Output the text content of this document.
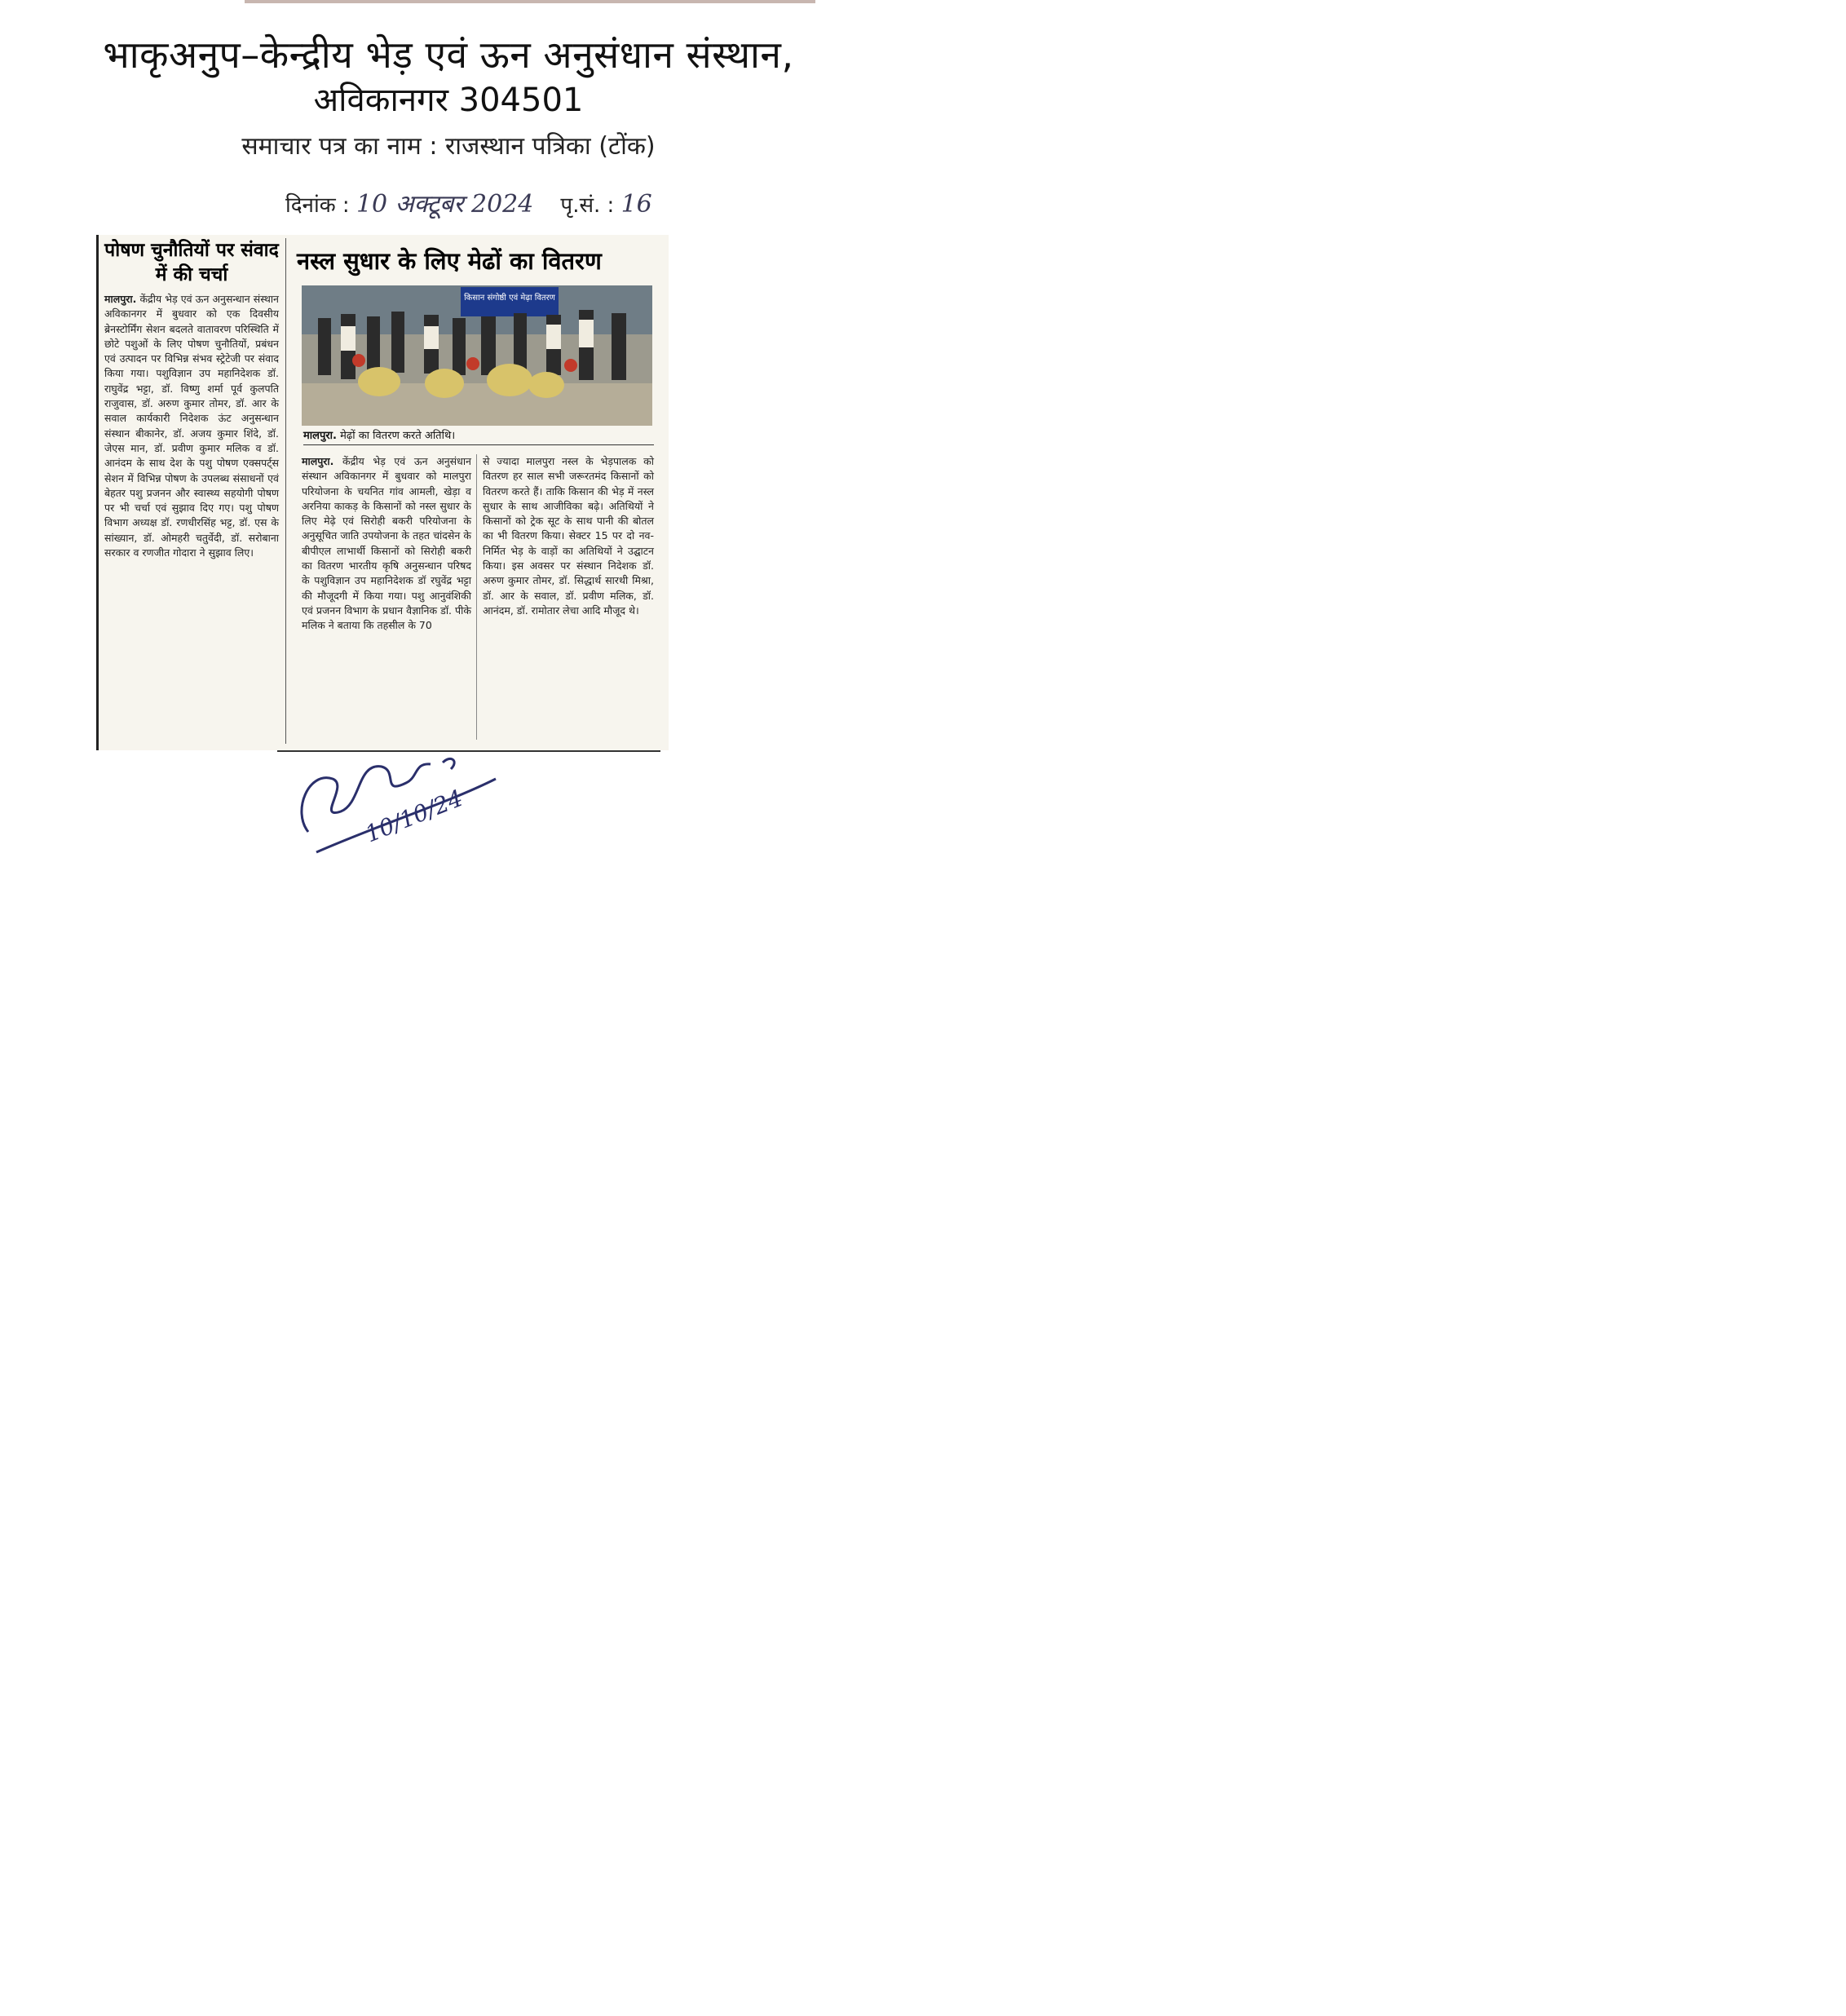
भाकृअनुप–केन्द्रीय भेड़ एवं ऊन अनुसंधान संस्थान,
अविकानगर 304501
समाचार पत्र का नाम : राजस्थान पत्रिका (टोंक)
दिनांक : 10 अक्टूबर 2024 पृ.सं. : 16
पोषण चुनौतियों पर संवाद में की चर्चा

मालपुरा. केंद्रीय भेड़ एवं ऊन अनुसन्धान संस्थान अविकानगर में बुधवार को एक दिवसीय ब्रेनस्टोर्मिंग सेशन बदलते वातावरण परिस्थिति में छोटे पशुओं के लिए पोषण चुनौतियों, प्रबंधन एवं उत्पादन पर विभिन्न संभव स्ट्रेटेजी पर संवाद किया गया। पशुविज्ञान उप महानिदेशक डॉ. राघुवेंद्र भट्टा, डॉ. विष्णु शर्मा पूर्व कुलपति राजुवास, डॉ. अरुण कुमार तोमर, डॉ. आर के सवाल कार्यकारी निदेशक ऊंट अनुसन्धान संस्थान बीकानेर, डॉ. अजय कुमार शिंदे, डॉ. जेएस मान, डॉ. प्रवीण कुमार मलिक व डॉ. आनंदम के साथ देश के पशु पोषण एक्सपर्ट्स सेशन में विभिन्न पोषण के उपलब्ध संसाधनों एवं बेहतर पशु प्रजनन और स्वास्थ्य सहयोगी पोषण पर भी चर्चा एवं सुझाव दिए गए। पशु पोषण विभाग अध्यक्ष डॉ. रणधीरसिंह भट्ट, डॉ. एस के सांख्यान, डॉ. ओमहरी चतुर्वेदी, डॉ. सरोबाना सरकार व रणजीत गोदारा ने सुझाव लिए।

नस्ल सुधार के लिए मेढों का वितरण
किसान संगोष्ठी एवं मेढ़ा वितरण
मालपुरा. मेढ़ों का वितरण करते अतिथि।

मालपुरा. केंद्रीय भेड़ एवं ऊन अनुसंधान संस्थान अविकानगर में बुधवार को मालपुरा परियोजना के चयनित गांव आमली, खेड़ा व अरनिया काकड़ के किसानों को नस्ल सुधार के लिए मेढ़े एवं सिरोही बकरी परियोजना के अनुसूचित जाति उपयोजना के तहत चांदसेन के बीपीएल लाभार्थी किसानों को सिरोही बकरी का वितरण भारतीय कृषि अनुसन्धान परिषद के पशुविज्ञान उप महानिदेशक डॉ रघुवेंद्र भट्टा की मौजूदगी में किया गया। पशु आनुवंशिकी एवं प्रजनन विभाग के प्रधान वैज्ञानिक डॉ. पीके मलिक ने बताया कि तहसील के 70

से ज्यादा मालपुरा नस्ल के भेड़पालक को वितरण हर साल सभी जरूरतमंद किसानों को वितरण करते हैं। ताकि किसान की भेड़ में नस्ल सुधार के साथ आजीविका बढ़े। अतिथियों ने किसानों को ट्रेक सूट के साथ पानी की बोतल का भी वितरण किया। सेक्टर 15 पर दो नव-निर्मित भेड़ के वाड़ों का अतिथियों ने उद्घाटन किया। इस अवसर पर संस्थान निदेशक डॉ. अरुण कुमार तोमर, डॉ. सिद्धार्थ सारथी मिश्रा, डॉ. आर के सवाल, डॉ. प्रवीण मलिक, डॉ. आनंदम, डॉ. रामोतार लेचा आदि मौजूद थे।

10/10/24
